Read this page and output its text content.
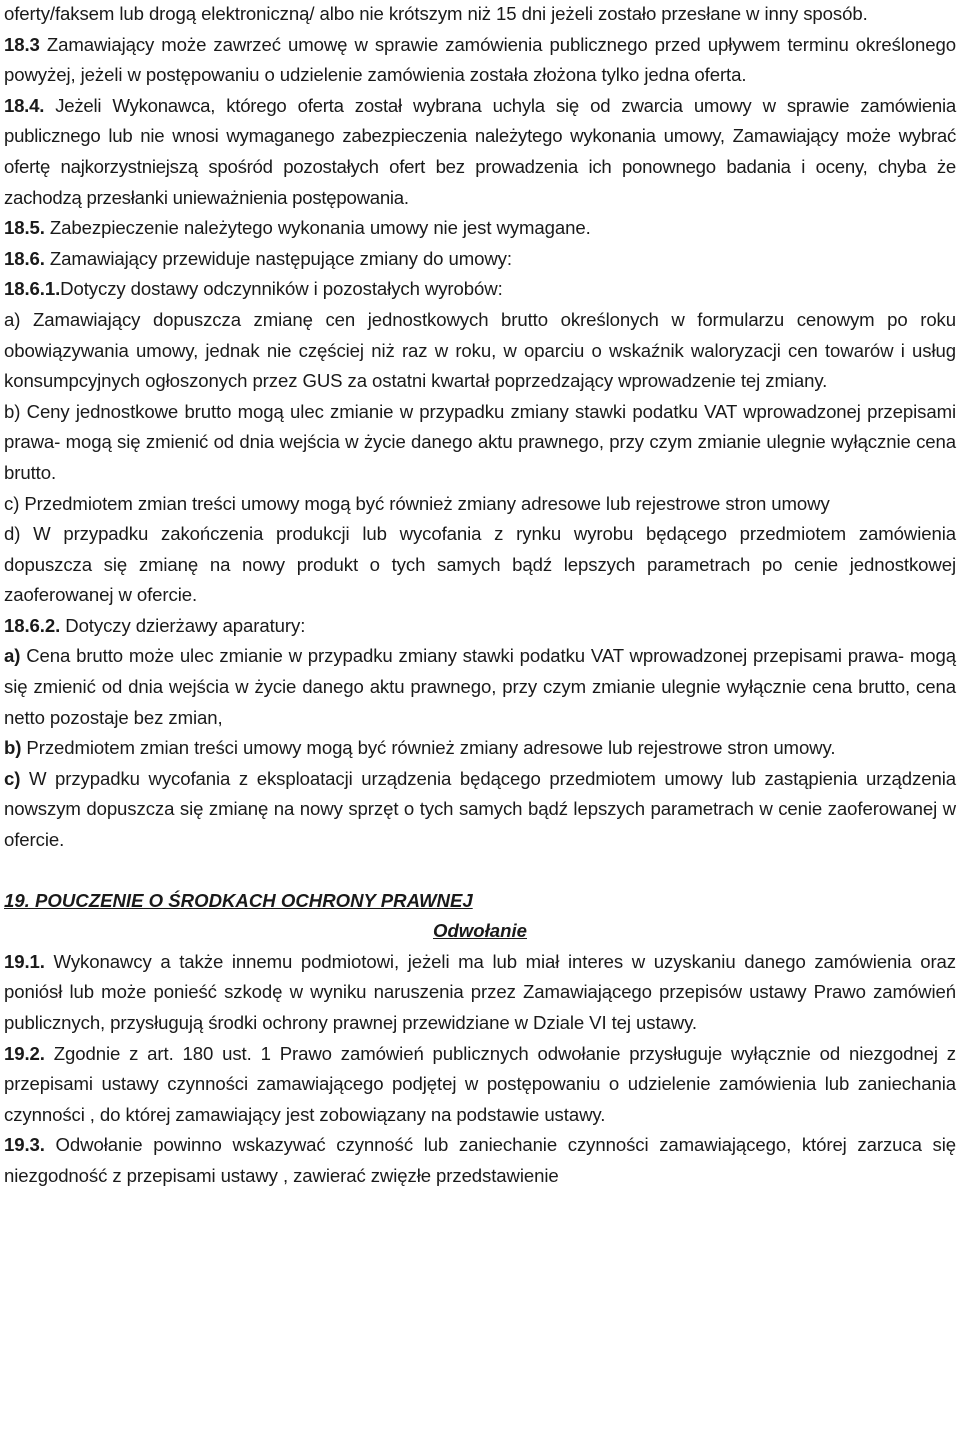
oferty/faksem lub drogą elektroniczną/ albo nie krótszym niż 15 dni jeżeli zostało przesłane w inny sposób.

18.3 Zamawiający może zawrzeć umowę w sprawie zamówienia publicznego przed upływem terminu określonego powyżej, jeżeli w postępowaniu o udzielenie zamówienia została złożona tylko jedna oferta.

18.4. Jeżeli Wykonawca, którego oferta został wybrana uchyla się od zwarcia umowy w sprawie zamówienia publicznego lub nie wnosi wymaganego zabezpieczenia należytego wykonania umowy, Zamawiający może wybrać ofertę najkorzystniejszą spośród pozostałych ofert bez prowadzenia ich ponownego badania i oceny, chyba że zachodzą przesłanki unieważnienia postępowania.

18.5. Zabezpieczenie należytego wykonania umowy nie jest wymagane.

18.6. Zamawiający przewiduje następujące zmiany do umowy:

18.6.1.Dotyczy dostawy odczynników i pozostałych wyrobów:

a) Zamawiający dopuszcza zmianę cen jednostkowych brutto określonych w formularzu cenowym po roku obowiązywania umowy, jednak nie częściej niż raz w roku, w oparciu o wskaźnik waloryzacji cen towarów i usług konsumpcyjnych ogłoszonych przez GUS za ostatni kwartał poprzedzający wprowadzenie tej zmiany.

b) Ceny jednostkowe brutto mogą ulec zmianie w przypadku zmiany stawki podatku VAT wprowadzonej przepisami prawa- mogą się zmienić od dnia wejścia w życie danego aktu prawnego, przy czym zmianie ulegnie wyłącznie cena brutto.

c) Przedmiotem zmian treści umowy mogą być również zmiany adresowe lub rejestrowe stron umowy

d) W przypadku zakończenia produkcji lub wycofania z rynku wyrobu będącego przedmiotem zamówienia dopuszcza się zmianę na nowy produkt o tych samych bądź lepszych parametrach po cenie jednostkowej zaoferowanej w ofercie.

18.6.2. Dotyczy dzierżawy aparatury:

a) Cena brutto może ulec zmianie w przypadku zmiany stawki podatku VAT wprowadzonej przepisami prawa- mogą się zmienić od dnia wejścia w życie danego aktu prawnego, przy czym zmianie ulegnie wyłącznie cena brutto, cena netto pozostaje bez zmian,

b) Przedmiotem zmian treści umowy mogą być również zmiany adresowe lub rejestrowe stron umowy.

c) W przypadku wycofania z eksploatacji urządzenia będącego przedmiotem umowy lub zastąpienia urządzenia nowszym dopuszcza się zmianę na nowy sprzęt o tych samych bądź lepszych parametrach w cenie zaoferowanej w ofercie.

19. POUCZENIE O ŚRODKACH OCHRONY PRAWNEJ

Odwołanie

19.1. Wykonawcy a także innemu podmiotowi, jeżeli ma lub miał interes w uzyskaniu danego zamówienia oraz poniósł lub może ponieść szkodę w wyniku naruszenia przez Zamawiającego przepisów ustawy Prawo zamówień publicznych, przysługują środki ochrony prawnej przewidziane w Dziale VI tej ustawy.

19.2. Zgodnie z art. 180 ust. 1 Prawo zamówień publicznych odwołanie przysługuje wyłącznie od niezgodnej z przepisami ustawy czynności zamawiającego podjętej w postępowaniu o udzielenie zamówienia lub zaniechania czynności , do której zamawiający jest zobowiązany na podstawie ustawy.

19.3. Odwołanie powinno wskazywać czynność lub zaniechanie czynności zamawiającego, której zarzuca się niezgodność z przepisami ustawy , zawierać zwięzłe przedstawienie
